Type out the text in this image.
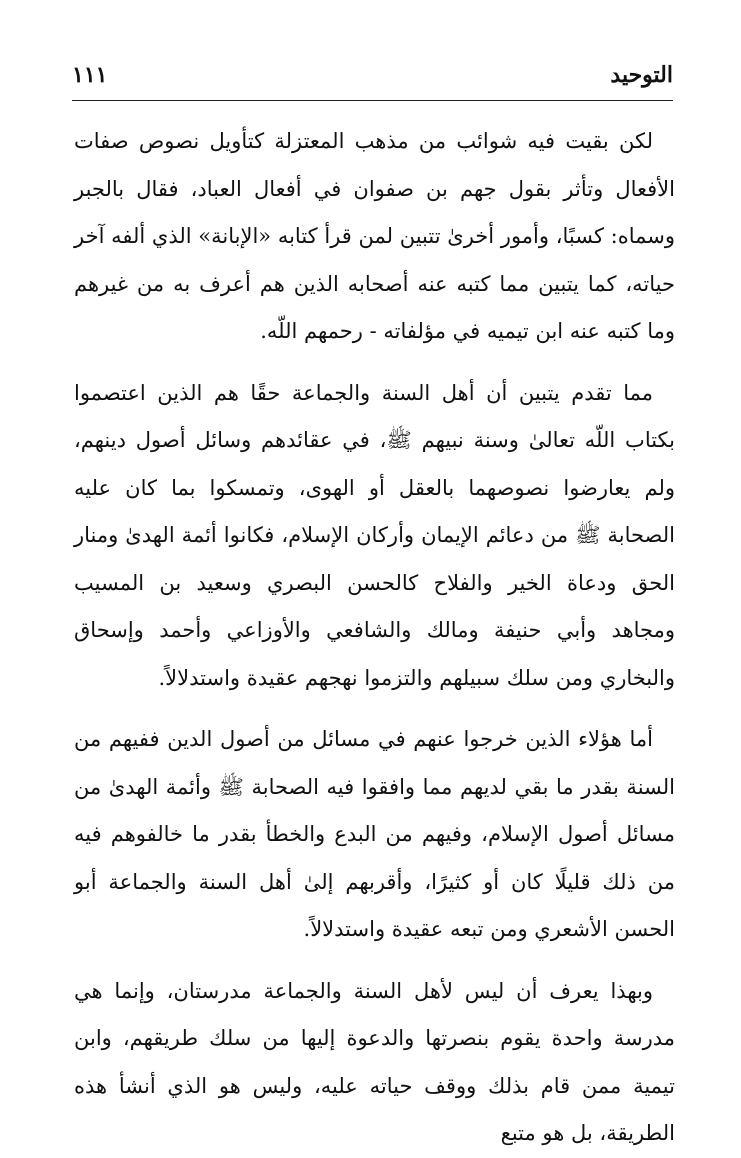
التوحيد
١١١

لكن بقيت فيه شوائب من مذهب المعتزلة كتأويل نصوص صفات الأفعال وتأثر بقول جهم بن صفوان في أفعال العباد، فقال بالجبر وسماه: كسبًا، وأمور أخرىٰ تتبين لمن قرأ كتابه «الإبانة» الذي ألفه آخر حياته، كما يتبين مما كتبه عنه أصحابه الذين هم أعرف به من غيرهم وما كتبه عنه ابن تيميه في مؤلفاته - رحمهم اللّه.

مما تقدم يتبين أن أهل السنة والجماعة حقًا هم الذين اعتصموا بكتاب اللّه تعالىٰ وسنة نبيهم ﷺ، في عقائدهم وسائل أصول دينهم، ولم يعارضوا نصوصهما بالعقل أو الهوى، وتمسكوا بما كان عليه الصحابة ﷺ من دعائم الإيمان وأركان الإسلام، فكانوا أئمة الهدىٰ ومنار الحق ودعاة الخير والفلاح كالحسن البصري وسعيد بن المسيب ومجاهد وأبي حنيفة ومالك والشافعي والأوزاعي وأحمد وإسحاق والبخاري ومن سلك سبيلهم والتزموا نهجهم عقيدة واستدلالاً.

أما هؤلاء الذين خرجوا عنهم في مسائل من أصول الدين ففيهم من السنة بقدر ما بقي لديهم مما وافقوا فيه الصحابة ﷺ وأئمة الهدىٰ من مسائل أصول الإسلام، وفيهم من البدع والخطأ بقدر ما خالفوهم فيه من ذلك قليلًا كان أو كثيرًا، وأقربهم إلىٰ أهل السنة والجماعة أبو الحسن الأشعري ومن تبعه عقيدة واستدلالاً.

وبهذا يعرف أن ليس لأهل السنة والجماعة مدرستان، وإنما هي مدرسة واحدة يقوم بنصرتها والدعوة إليها من سلك طريقهم، وابن تيمية ممن قام بذلك ووقف حياته عليه، وليس هو الذي أنشأ هذه الطريقة، بل هو متبع
